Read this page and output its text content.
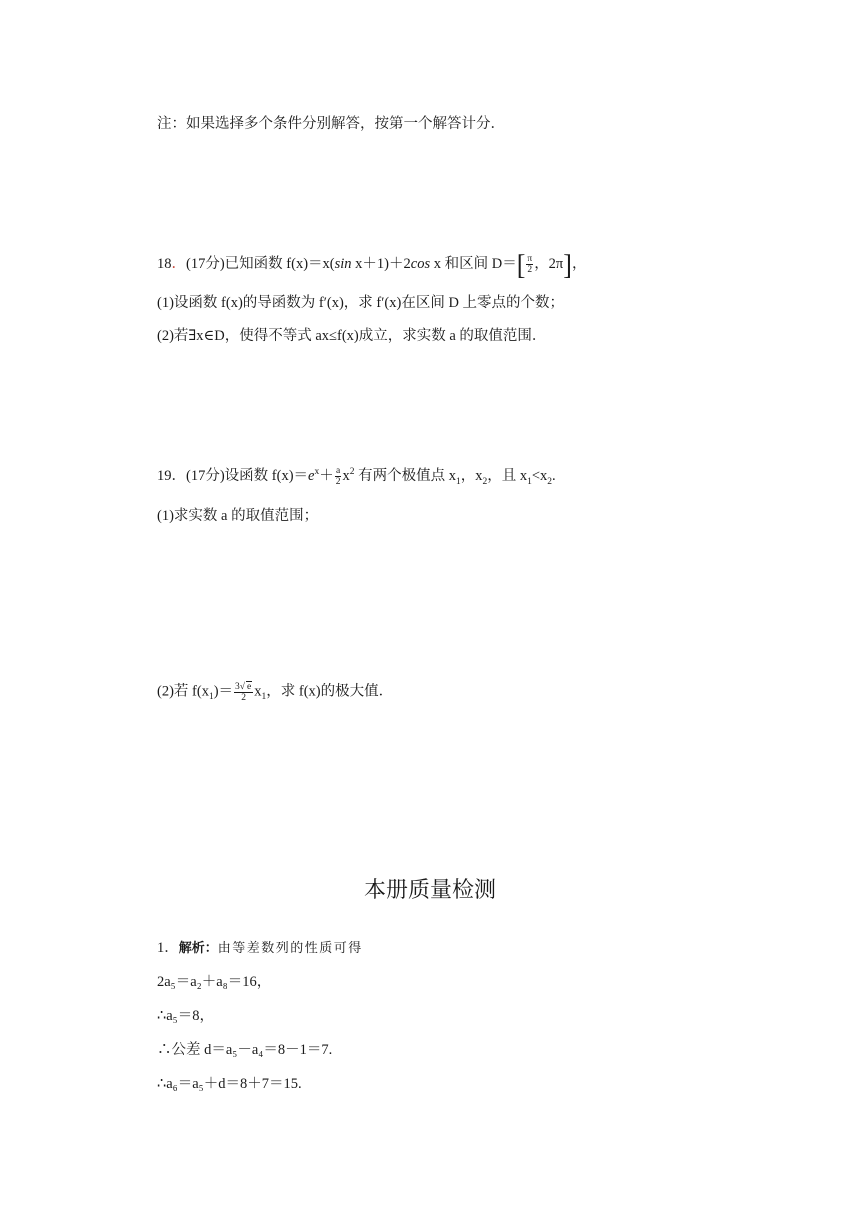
注：如果选择多个条件分别解答，按第一个解答计分．
18．(17分)已知函数 f(x)＝x(sin x＋1)＋2cos x 和区间 $D=[ \frac{\pi}{2}$ ，2π]，
(1)设函数 f(x)的导函数为 f′(x)，求 f′(x)在区间 D 上零点的个数；
(2)若∃x∈D，使得不等式 ax≤f(x)成立，求实数 a 的取值范围．
19．(17分)设函数 $f(x)=e^x+ \frac{a}{2} x^2$ 有两个极值点 $x_1$，$x_2$，且 $x_1<x_2$.
(1)求实数 a 的取值范围；
(2)若 $f(x_1)= \frac{3√ e}{2} x_1$，求 f(x)的极大值．
本册质量检测
1．解析：由等差数列的性质可得
2a₅＝a₂＋a₈＝16，
∴a₅＝8，
∴公差 d＝a₅－a₄＝8－1＝7.
∴a₆＝a₅＋d＝8＋7＝15.
